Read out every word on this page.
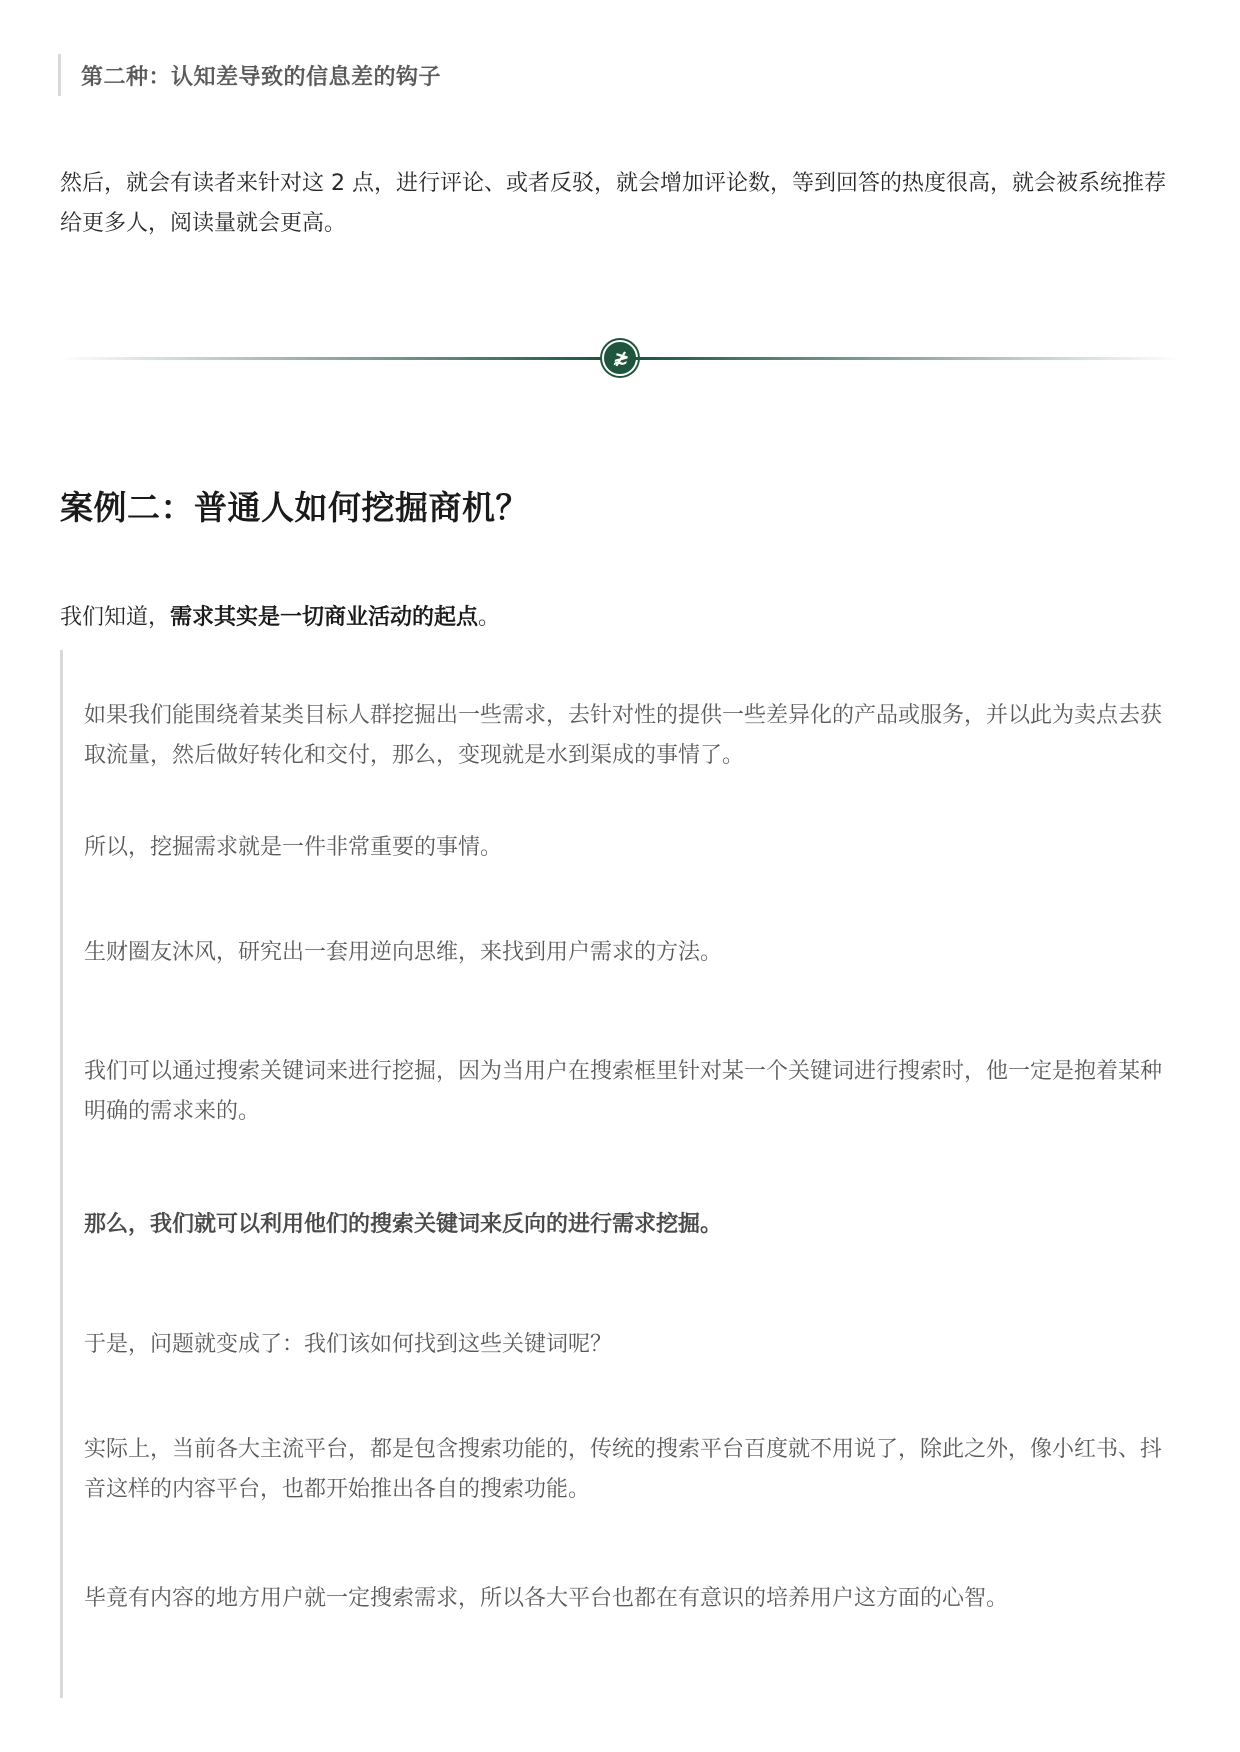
第二种：认知差导致的信息差的钩子

然后，就会有读者来针对这 2 点，进行评论、或者反驳，就会增加评论数，等到回答的热度很高，就会被系统推荐给更多人，阅读量就会更高。

≵
案例二：普通人如何挖掘商机？

我们知道，需求其实是一切商业活动的起点。

如果我们能围绕着某类目标人群挖掘出一些需求，去针对性的提供一些差异化的产品或服务，并以此为卖点去获取流量，然后做好转化和交付，那么，变现就是水到渠成的事情了。

所以，挖掘需求就是一件非常重要的事情。

生财圈友沐风，研究出一套用逆向思维，来找到用户需求的方法。

我们可以通过搜索关键词来进行挖掘，因为当用户在搜索框里针对某一个关键词进行搜索时，他一定是抱着某种明确的需求来的。

那么，我们就可以利用他们的搜索关键词来反向的进行需求挖掘。

于是，问题就变成了：我们该如何找到这些关键词呢？

实际上，当前各大主流平台，都是包含搜索功能的，传统的搜索平台百度就不用说了，除此之外，像小红书、抖音这样的内容平台，也都开始推出各自的搜索功能。

毕竟有内容的地方用户就一定搜索需求，所以各大平台也都在有意识的培养用户这方面的心智。
